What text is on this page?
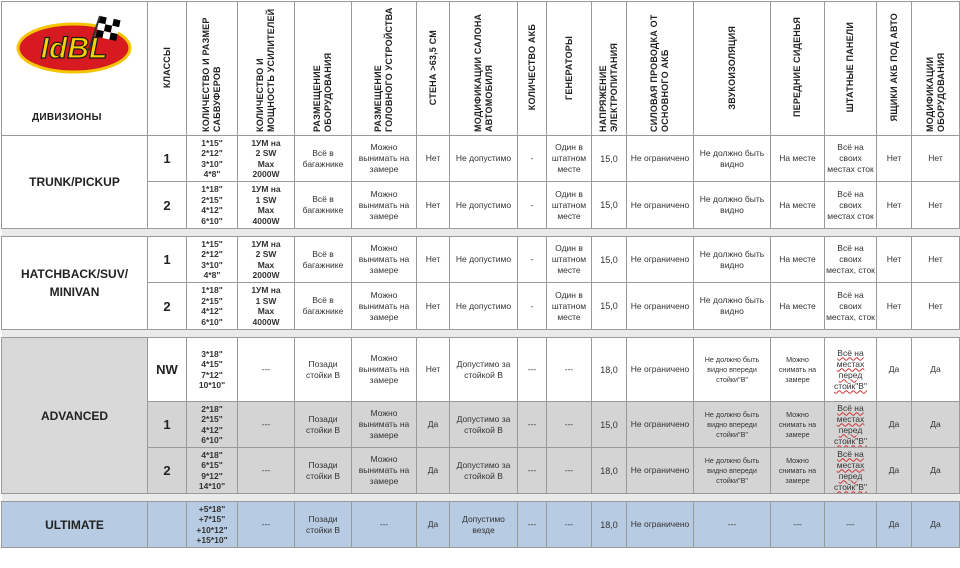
IdBL
ДИВИЗИОНЫ	КЛАССЫ	КОЛИЧЕСТВО И РАЗМЕР САБВУФЕРОВ	КОЛИЧЕСТВО И МОЩНОСТЬ УСИЛИТЕЛЕЙ	РАЗМЕЩЕНИЕ ОБОРУДОВАНИЯ	РАЗМЕЩЕНИЕ ГОЛОВНОГО УСТРОЙСТВА	СТЕНА >63,5 СМ	МОДИФИКАЦИИ САЛОНА АВТОМОБИЛЯ	КОЛИЧЕСТВО АКБ	ГЕНЕРАТОРЫ	НАПРЯЖЕНИЕ ЭЛЕКТРОПИТАНИЯ	СИЛОВАЯ ПРОВОДКА ОТ ОСНОВНОГО АКБ	ЗВУКОИЗОЛЯЦИЯ	ПЕРЕДНИЕ СИДЕНЬЯ	ШТАТНЫЕ ПАНЕЛИ	ЯЩИКИ АКБ ПОД АВТО	МОДИФИКАЦИИ ОБОРУДОВАНИЯ
TRUNK/PICKUP	1	1*15"
2*12"
3*10"
4*8"	1УМ на
2 SW
Max
2000W	Всё в багажнике	Можно вынимать на замере	Нет	Не допустимо	-	Один в штатном месте	15,0	Не ограничено	Не должно быть видно	На месте	Всё на своих местах сток	Нет	Нет
	2	1*18"
2*15"
4*12"
6*10"	1УМ на
1 SW
Max
4000W	Всё в багажнике	Можно вынимать на замере	Нет	Не допустимо	-	Один в штатном месте	15,0	Не ограничено	Не должно быть видно	На месте	Всё на своих местах сток	Нет	Нет

HATCHBACK/SUV/ MINIVAN	1	1*15"
2*12"
3*10"
4*8"	1УМ на
2 SW
Max
2000W	Всё в багажнике	Можно вынимать на замере	Нет	Не допустимо	-	Один в штатном месте	15,0	Не ограничено	Не должно быть видно	На месте	Всё на своих местах, сток	Нет	Нет
	2	1*18"
2*15"
4*12"
6*10"	1УМ на
1 SW
Max
4000W	Всё в багажнике	Можно вынимать на замере	Нет	Не допустимо	-	Один в штатном месте	15,0	Не ограничено	Не должно быть видно	На месте	Всё на своих местах, сток	Нет	Нет

ADVANCED	NW	3*18"
4*15"
7*12"
10*10"	---	Позади стойки В	Можно вынимать на замере	Нет	Допустимо за стойкой В	---	---	18,0	Не ограничено	Не должно быть видно впереди стойки"В"	Можно снимать на замере	Всё на местах перед стойк"В"	Да	Да
	1	2*18"
2*15"
4*12"
6*10"	---	Позади стойки В	Можно вынимать на замере	Да	Допустимо за стойкой В	---	---	15,0	Не ограничено	Не должно быть видно впереди стойки"В"	Можно снимать на замере	Всё на местах перед стойк"В"	Да	Да
	2	4*18"
6*15"
9*12"
14*10"	---	Позади стойки В	Можно вынимать на замере	Да	Допустимо за стойкой В	---	---	18,0	Не ограничено	Не должно быть видно впереди стойки"В"	Можно снимать на замере	Всё на местах перед стойк"В"	Да	Да

ULTIMATE		+5*18"
+7*15"
+10*12"
+15*10"	---	Позади стойки В	---	Да	Допустимо везде	---	---	18,0	Не ограничено	---	---	---	Да	Да
